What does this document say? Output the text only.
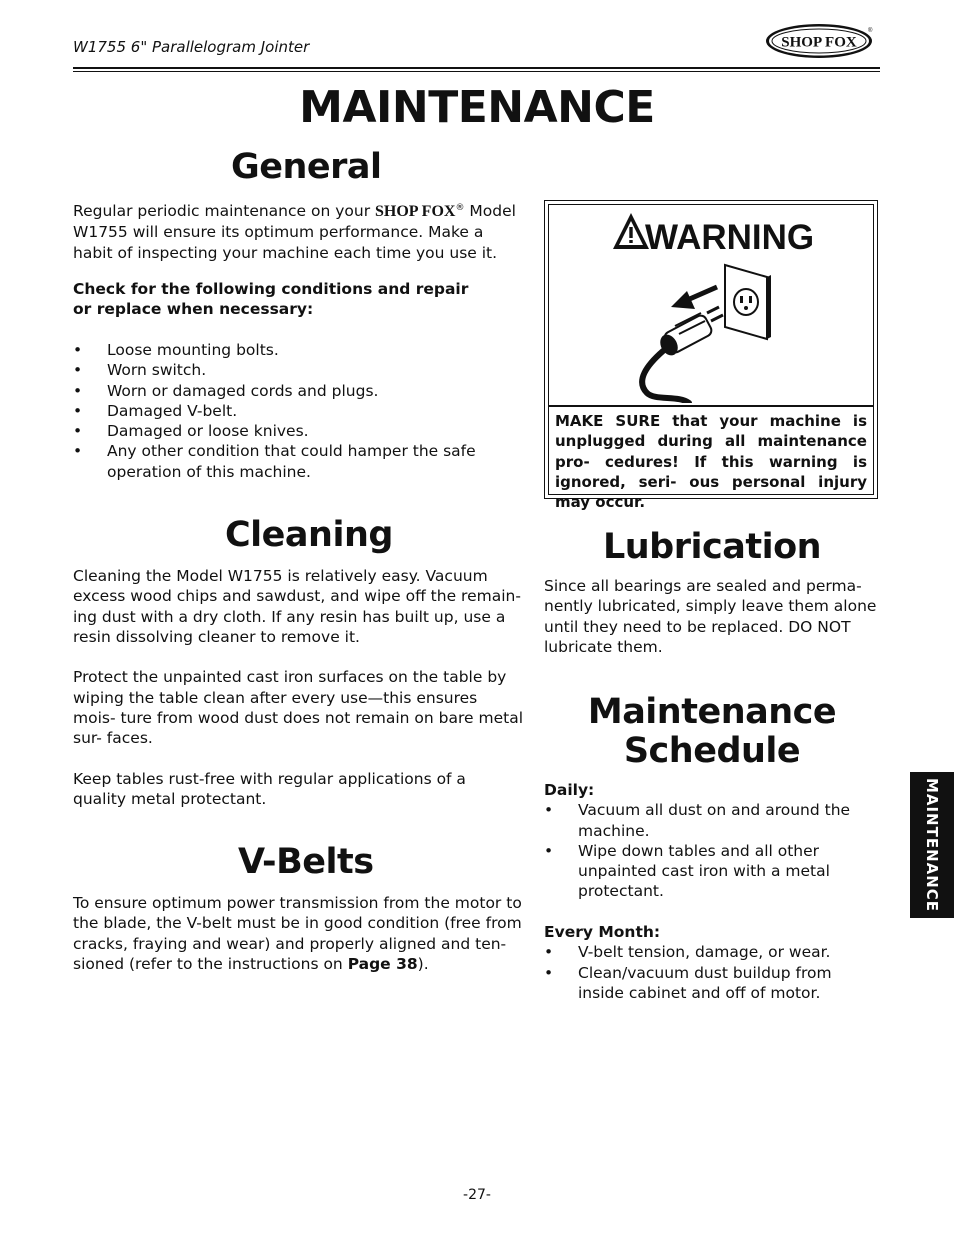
W1755 6" Parallelogram Jointer	SHOP FOX
®
MAINTENANCE
General

Regular periodic maintenance on your SHOP FOX® Model W1755 will ensure its optimum performance. Make a habit of inspecting your machine each time you use it.

Check for the following conditions and repair or replace when necessary:

• Loose mounting bolts.
• Worn switch.
• Worn or damaged cords and plugs.
• Damaged V-belt.
• Damaged or loose knives.
• Any other condition that could hamper the safe operation of this machine.
WARNING
MAKE SURE that your machine is unplugged during all maintenance pro- cedures! If this warning is ignored, seri- ous personal injury may occur.
Cleaning

Cleaning the Model W1755 is relatively easy. Vacuum excess wood chips and sawdust, and wipe off the remain- ing dust with a dry cloth. If any resin has built up, use a resin dissolving cleaner to remove it.

Protect the unpainted cast iron surfaces on the table by wiping the table clean after every use—this ensures mois- ture from wood dust does not remain on bare metal sur- faces.

Keep tables rust-free with regular applications of a quality metal protectant.

V-Belts

To ensure optimum power transmission from the motor to the blade, the V-belt must be in good condition (free from cracks, fraying and wear) and properly aligned and ten- sioned (refer to the instructions on Page 38).

Lubrication

Since all bearings are sealed and perma- nently lubricated, simply leave them alone until they need to be replaced. DO NOT lubricate them.

Maintenance
Schedule

Daily:

• Vacuum all dust on and around the machine.
• Wipe down tables and all other unpainted cast iron with a metal protectant.

Every Month:

• V-belt tension, damage, or wear.
• Clean/vacuum dust buildup from inside cabinet and off of motor.
MAINTENANCE
-27-
